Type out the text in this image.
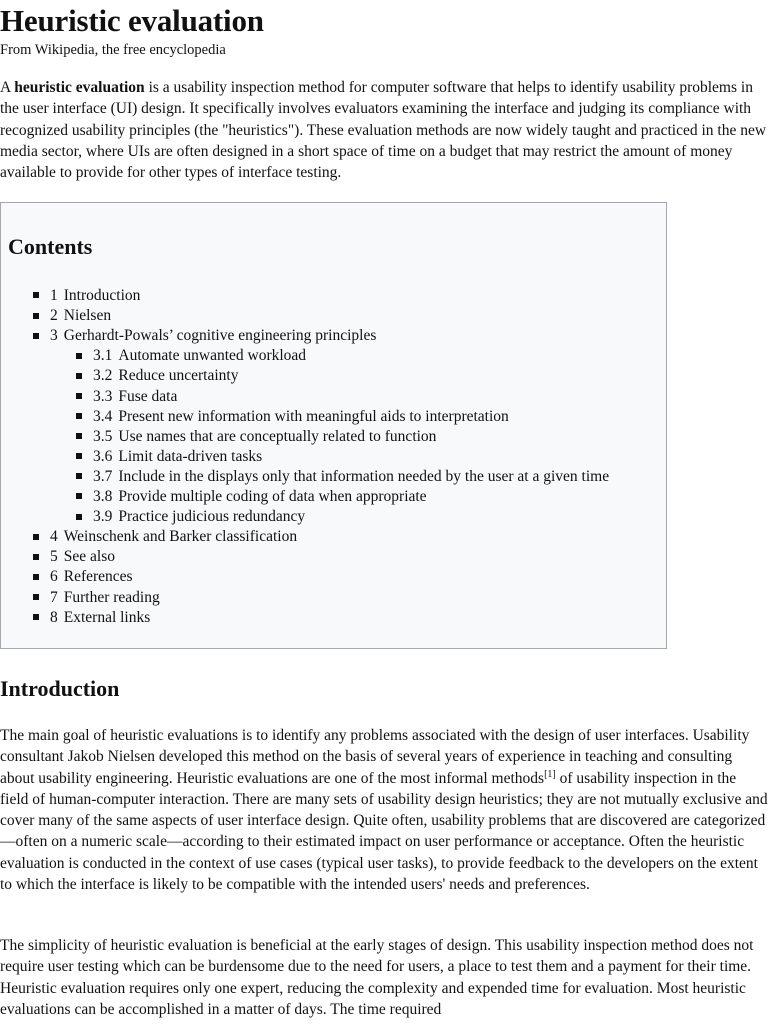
Heuristic evaluation
From Wikipedia, the free encyclopedia

A heuristic evaluation is a usability inspection method for computer software that helps to identify usability problems in the user interface (UI) design. It specifically involves evaluators examining the interface and judging its compliance with recognized usability principles (the "heuristics"). These evaluation methods are now widely taught and practiced in the new media sector, where UIs are often designed in a short space of time on a budget that may restrict the amount of money available to provide for other types of interface testing.

Contents
1 Introduction
2 Nielsen
3 Gerhardt-Powals’ cognitive engineering principles
3.1 Automate unwanted workload
3.2 Reduce uncertainty
3.3 Fuse data
3.4 Present new information with meaningful aids to interpretation
3.5 Use names that are conceptually related to function
3.6 Limit data-driven tasks
3.7 Include in the displays only that information needed by the user at a given time
3.8 Provide multiple coding of data when appropriate
3.9 Practice judicious redundancy
4 Weinschenk and Barker classification
5 See also
6 References
7 Further reading
8 External links
Introduction

The main goal of heuristic evaluations is to identify any problems associated with the design of user interfaces. Usability consultant Jakob Nielsen developed this method on the basis of several years of experience in teaching and consulting about usability engineering. Heuristic evaluations are one of the most informal methods[1] of usability inspection in the field of human-computer interaction. There are many sets of usability design heuristics; they are not mutually exclusive and cover many of the same aspects of user interface design. Quite often, usability problems that are discovered are categorized—often on a numeric scale—according to their estimated impact on user performance or acceptance. Often the heuristic evaluation is conducted in the context of use cases (typical user tasks), to provide feedback to the developers on the extent to which the interface is likely to be compatible with the intended users' needs and preferences.

The simplicity of heuristic evaluation is beneficial at the early stages of design. This usability inspection method does not require user testing which can be burdensome due to the need for users, a place to test them and a payment for their time. Heuristic evaluation requires only one expert, reducing the complexity and expended time for evaluation. Most heuristic evaluations can be accomplished in a matter of days. The time required
